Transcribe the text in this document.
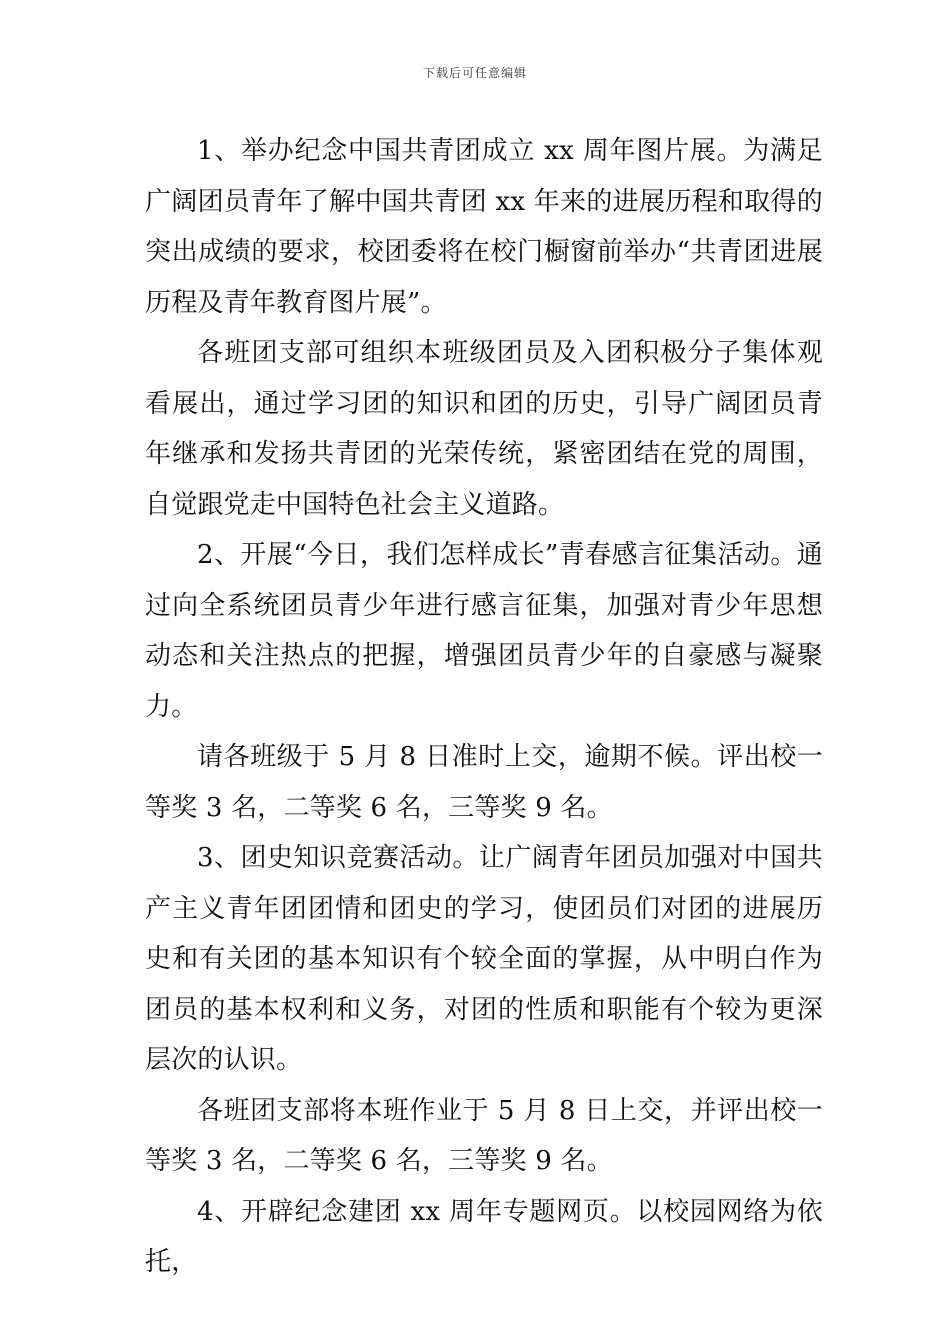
下载后可任意编辑

1、举办纪念中国共青团成立 xx 周年图片展。为满足广阔团员青年了解中国共青团 xx 年来的进展历程和取得的突出成绩的要求，校团委将在校门橱窗前举办“共青团进展历程及青年教育图片展”。

各班团支部可组织本班级团员及入团积极分子集体观看展出，通过学习团的知识和团的历史，引导广阔团员青年继承和发扬共青团的光荣传统，紧密团结在党的周围，自觉跟党走中国特色社会主义道路。

2、开展“今日，我们怎样成长”青春感言征集活动。通过向全系统团员青少年进行感言征集，加强对青少年思想动态和关注热点的把握，增强团员青少年的自豪感与凝聚力。

请各班级于 5 月 8 日准时上交，逾期不候。评出校一等奖 3 名，二等奖 6 名，三等奖 9 名。

3、团史知识竞赛活动。让广阔青年团员加强对中国共产主义青年团团情和团史的学习，使团员们对团的进展历史和有关团的基本知识有个较全面的掌握，从中明白作为团员的基本权利和义务，对团的性质和职能有个较为更深层次的认识。

各班团支部将本班作业于 5 月 8 日上交，并评出校一等奖 3 名，二等奖 6 名，三等奖 9 名。

4、开辟纪念建团 xx 周年专题网页。以校园网络为依托，
